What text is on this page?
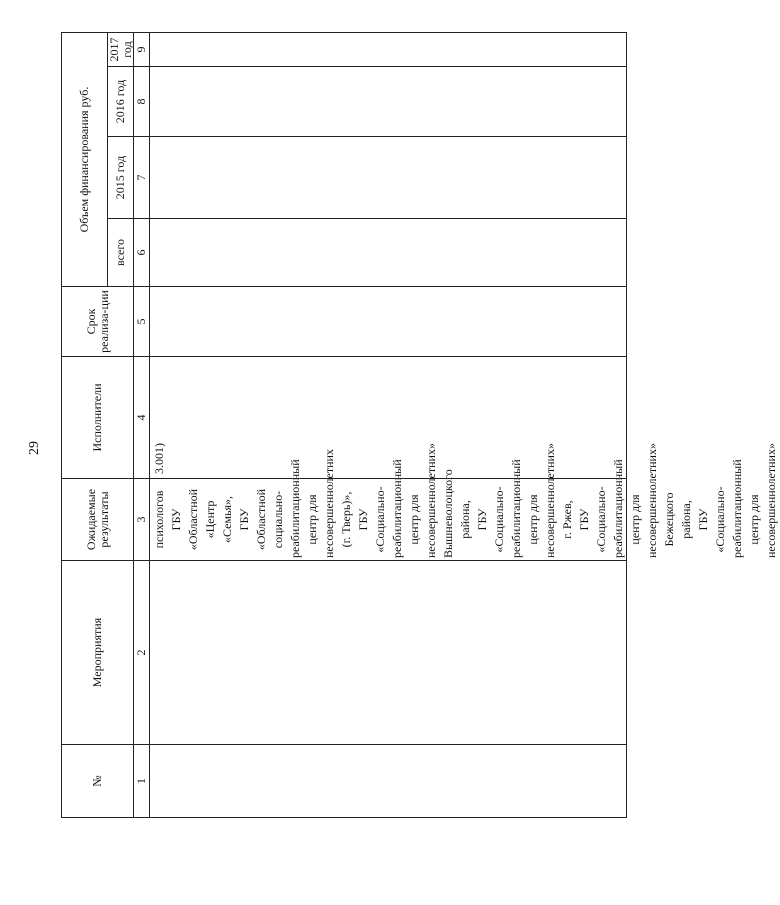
29
№
Мероприятия
Ожидаемые результаты
Исполнители
Срок реализа-ции
Объем финансирования руб.
всего
2015 год
2016 год
2017 год
1
2
3
4
5
6
7
8
9
психологов ГБУ «Областной «Центр «Семья», ГБУ «Областной социально- реабилитационный центр для несовершеннолетних (г. Тверь)», ГБУ «Социально- реабилитационный центр для несовершеннолетних» Вышневолоцкого района, ГБУ «Социально- реабилитационный центр для несовершеннолетних» г. Ржев, ГБУ «Социально- реабилитационный центр для несовершеннолетних» Бежецкого района, ГБУ «Социально- реабилитационный центр для несовершеннолетних»
3.001)
